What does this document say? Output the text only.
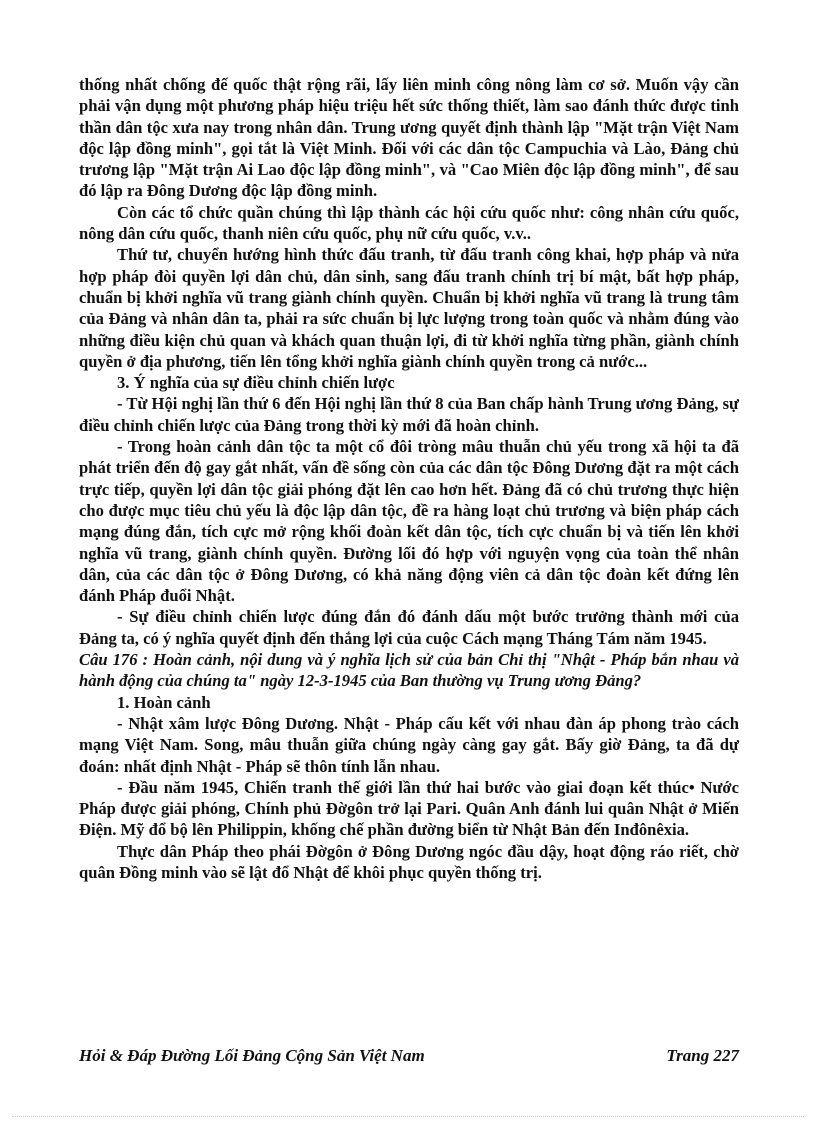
thống nhất chống đế quốc thật rộng rãi, lấy liên minh công nông làm cơ sở. Muốn vậy cần phải vận dụng một phương pháp hiệu triệu hết sức thống thiết, làm sao đánh thức được tinh thần dân tộc xưa nay trong nhân dân. Trung ương quyết định thành lập "Mặt trận Việt Nam độc lập đồng minh", gọi tắt là Việt Minh. Đối với các dân tộc Campuchia và Lào, Đảng chủ trương lập "Mặt trận Ai Lao độc lập đồng minh", và "Cao Miên độc lập đồng minh", để sau đó lập ra Đông Dương độc lập đồng minh.

Còn các tổ chức quần chúng thì lập thành các hội cứu quốc như: công nhân cứu quốc, nông dân cứu quốc, thanh niên cứu quốc, phụ nữ cứu quốc, v.v..

Thứ tư, chuyển hướng hình thức đấu tranh, từ đấu tranh công khai, hợp pháp và nửa hợp pháp đòi quyền lợi dân chủ, dân sinh, sang đấu tranh chính trị bí mật, bất hợp pháp, chuẩn bị khởi nghĩa vũ trang giành chính quyền. Chuẩn bị khởi nghĩa vũ trang là trung tâm của Đảng và nhân dân ta, phải ra sức chuẩn bị lực lượng trong toàn quốc và nhằm đúng vào những điều kiện chủ quan và khách quan thuận lợi, đi từ khởi nghĩa từng phần, giành chính quyền ở địa phương, tiến lên tổng khởi nghĩa giành chính quyền trong cả nước...

3. Ý nghĩa của sự điều chỉnh chiến lược

- Từ Hội nghị lần thứ 6 đến Hội nghị lần thứ 8 của Ban chấp hành Trung ương Đảng, sự điều chỉnh chiến lược của Đảng trong thời kỳ mới đã hoàn chỉnh.

- Trong hoàn cảnh dân tộc ta một cổ đôi tròng mâu thuẫn chủ yếu trong xã hội ta đã phát triển đến độ gay gắt nhất, vấn đề sống còn của các dân tộc Đông Dương đặt ra một cách trực tiếp, quyền lợi dân tộc giải phóng đặt lên cao hơn hết. Đảng đã có chủ trương thực hiện cho được mục tiêu chủ yếu là độc lập dân tộc, đề ra hàng loạt chủ trương và biện pháp cách mạng đúng đắn, tích cực mở rộng khối đoàn kết dân tộc, tích cực chuẩn bị và tiến lên khởi nghĩa vũ trang, giành chính quyền. Đường lối đó hợp với nguyện vọng của toàn thể nhân dân, của các dân tộc ở Đông Dương, có khả năng động viên cả dân tộc đoàn kết đứng lên đánh Pháp đuổi Nhật.

- Sự điều chỉnh chiến lược đúng đắn đó đánh dấu một bước trưởng thành mới của Đảng ta, có ý nghĩa quyết định đến thắng lợi của cuộc Cách mạng Tháng Tám năm 1945.

Câu 176 : Hoàn cảnh, nội dung và ý nghĩa lịch sử của bản Chỉ thị "Nhật - Pháp bắn nhau và hành động của chúng ta" ngày 12-3-1945 của Ban thường vụ Trung ương Đảng?

1. Hoàn cảnh

- Nhật xâm lược Đông Dương. Nhật - Pháp cấu kết với nhau đàn áp phong trào cách mạng Việt Nam. Song, mâu thuẫn giữa chúng ngày càng gay gắt. Bấy giờ Đảng, ta đã dự đoán: nhất định Nhật - Pháp sẽ thôn tính lẫn nhau.

- Đầu năm 1945, Chiến tranh thế giới lần thứ hai bước vào giai đoạn kết thúc• Nước Pháp được giải phóng, Chính phủ Đờgôn trở lại Pari. Quân Anh đánh lui quân Nhật ở Miến Điện. Mỹ đổ bộ lên Philippin, khống chế phần đường biển từ Nhật Bản đến Inđônêxia.

Thực dân Pháp theo phái Đờgôn ở Đông Dương ngóc đầu dậy, hoạt động ráo riết, chờ quân Đồng minh vào sẽ lật đổ Nhật để khôi phục quyền thống trị.

Hỏi & Đáp Đường Lối Đảng Cộng Sản Việt Nam	Trang 227
